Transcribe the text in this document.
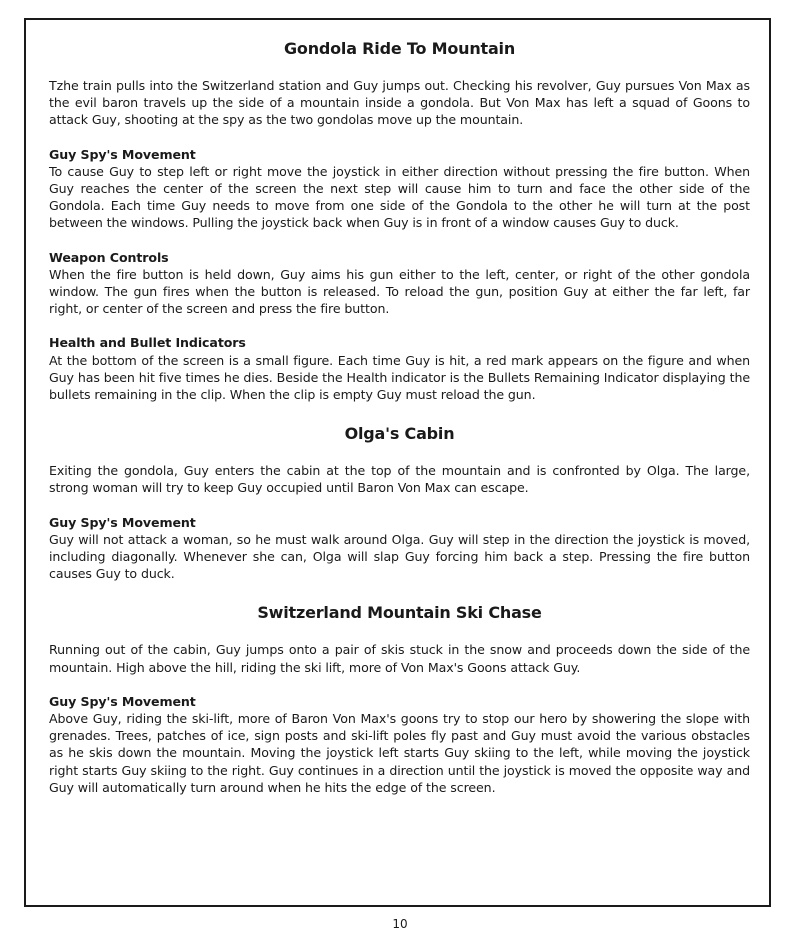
Gondola Ride To Mountain

Tzhe train pulls into the Switzerland station and Guy jumps out. Checking his revolver, Guy pursues Von Max as the evil baron travels up the side of a mountain inside a gondola. But Von Max has left a squad of Goons to attack Guy, shooting at the spy as the two gondolas move up the mountain.

Guy Spy's Movement

To cause Guy to step left or right move the joystick in either direction without pressing the fire button. When Guy reaches the center of the screen the next step will cause him to turn and face the other side of the Gondola. Each time Guy needs to move from one side of the Gondola to the other he will turn at the post between the windows. Pulling the joystick back when Guy is in front of a window causes Guy to duck.

Weapon Controls

When the fire button is held down, Guy aims his gun either to the left, center, or right of the other gondola window. The gun fires when the button is released. To reload the gun, position Guy at either the far left, far right, or center of the screen and press the fire button.

Health and Bullet Indicators

At the bottom of the screen is a small figure. Each time Guy is hit, a red mark appears on the figure and when Guy has been hit five times he dies. Beside the Health indicator is the Bullets Remaining Indicator displaying the bullets remaining in the clip. When the clip is empty Guy must reload the gun.

Olga's Cabin

Exiting the gondola, Guy enters the cabin at the top of the mountain and is confronted by Olga. The large, strong woman will try to keep Guy occupied until Baron Von Max can escape.

Guy Spy's Movement

Guy will not attack a woman, so he must walk around Olga. Guy will step in the direction the joystick is moved, including diagonally. Whenever she can, Olga will slap Guy forcing him back a step. Pressing the fire button causes Guy to duck.

Switzerland Mountain Ski Chase

Running out of the cabin, Guy jumps onto a pair of skis stuck in the snow and proceeds down the side of the mountain. High above the hill, riding the ski lift, more of Von Max's Goons attack Guy.

Guy Spy's Movement

Above Guy, riding the ski-lift, more of Baron Von Max's goons try to stop our hero by showering the slope with grenades. Trees, patches of ice, sign posts and ski-lift poles fly past and Guy must avoid the various obstacles as he skis down the mountain. Moving the joystick left starts Guy skiing to the left, while moving the joystick right starts Guy skiing to the right. Guy continues in a direction until the joystick is moved the opposite way and Guy will automatically turn around when he hits the edge of the screen.

10
